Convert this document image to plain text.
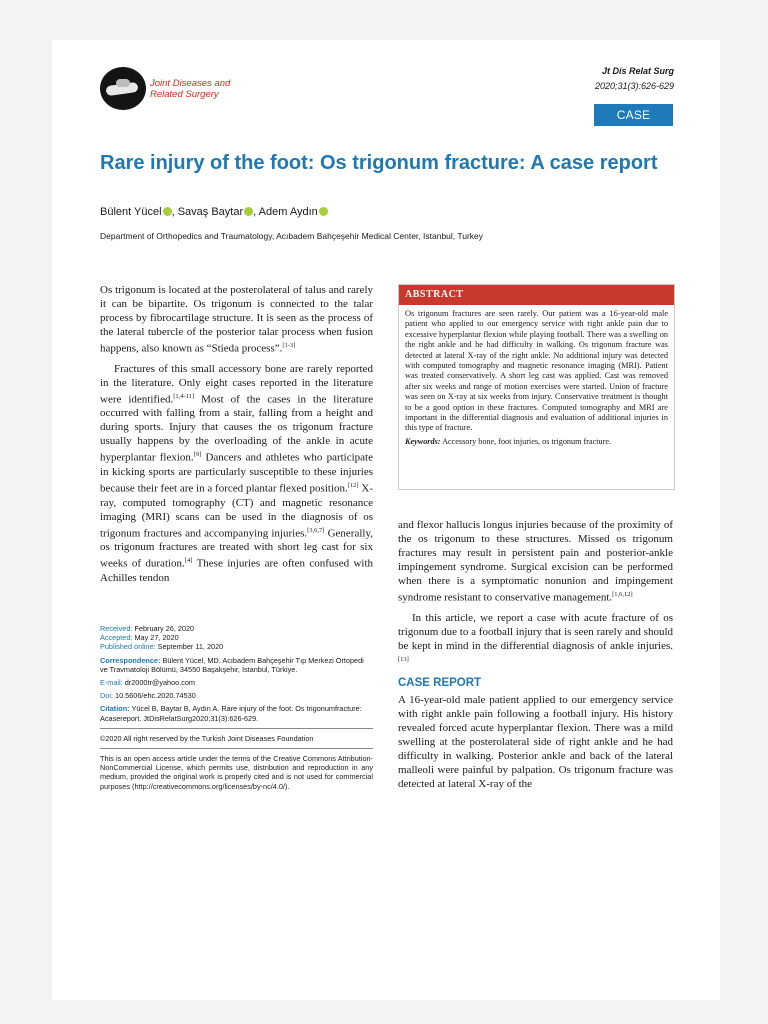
Joint Diseases and
Related Surgery
Jt Dis Relat Surg
2020;31(3):626-629
CASE REPORT
Rare injury of the foot: Os trigonum fracture: A case report
Bülent Yücel , Savaş Baytar , Adem Aydın
Department of Orthopedics and Traumatology, Acıbadem Bahçeşehir Medical Center, Istanbul, Turkey

Os trigonum is located at the posterolateral of talus and rarely it can be bipartite. Os trigonum is connected to the talar process by fibrocartilage structure. It is seen as the process of the lateral tubercle of the posterior talar process when fusion happens, also known as “Stieda process”.[1-3]

Fractures of this small accessory bone are rarely reported in the literature. Only eight cases reported in the literature were identified.[1,4-11] Most of the cases in the literature occurred with falling from a stair, falling from a height and during sports. Injury that causes the os trigonum fracture usually happens by the overloading of the ankle in acute hyperplantar flexion.[9] Dancers and athletes who participate in kicking sports are particularly susceptible to these injuries because their feet are in a forced plantar flexed position.[12] X-ray, computed tomography (CT) and magnetic resonance imaging (MRI) scans can be used in the diagnosis of os trigonum fractures and accompanying injuries.[3,6,7] Generally, os trigonum fractures are treated with short leg cast for six weeks of duration.[4] These injuries are often confused with Achilles tendon

ABSTRACT
Os trigonum fractures are seen rarely. Our patient was a 16-year-old male patient who applied to our emergency service with right ankle pain due to excessive hyperplantar flexion while playing football. There was a swelling on the right ankle and he had difficulty in walking. Os trigonum fracture was detected at lateral X-ray of the right ankle. No additional injury was detected with computed tomography and magnetic resonance imaging (MRI). Patient was treated conservatively. A short leg cast was applied. Cast was removed after six weeks and range of motion exercises were started. Union of fracture was seen on X-ray at six weeks from injury. Conservative treatment is thought to be a good option in these fractures. Computed tomography and MRI are important in the differential diagnosis and evaluation of additional injuries in this type of fracture.
Keywords: Accessory bone, foot injuries, os trigonum fracture.

and flexor hallucis longus injuries because of the proximity of the os trigonum to these structures. Missed os trigonum fractures may result in persistent pain and posterior-ankle impingement syndrome. Surgical excision can be performed when there is a symptomatic nonunion and impingement syndrome resistant to conservative management.[1,6,12]

In this article, we report a case with acute fracture of os trigonum due to a football injury that is seen rarely and should be kept in mind in the differential diagnosis of ankle injuries.[13]

CASE REPORT

A 16-year-old male patient applied to our emergency service with right ankle pain following a football injury. His history revealed forced acute hyperplantar flexion. There was a mild swelling at the posterolateral side of right ankle and he had difficulty in walking. Posterior ankle and back of the lateral malleoli were painful by palpation. Os trigonum fracture was detected at lateral X-ray of the

Received: February 26, 2020
Accepted: May 27, 2020
Published online: September 11, 2020

Correspondence: Bülent Yücel, MD. Acıbadem Bahçeşehir Tıp Merkezi Ortopedi ve Travmatoloji Bölümü, 34550 Başakşehir, İstanbul, Türkiye.

E-mail: dr2000tr@yahoo.com

Doi: 10.5606/ehc.2020.74530

Citation: Yücel B, Baytar B, Aydın A. Rare injury of the foot: Os trigonumfracture: Acasereport. JtDisRelatSurg2020;31(3):626-629.

©2020 All right reserved by the Turkish Joint Diseases Foundation

This is an open access article under the terms of the Creative Commons Attribution-NonCommercial License, which permits use, distribution and reproduction in any medium, provided the original work is properly cited and is not used for commercial purposes (http://creativecommons.org/licenses/by-nc/4.0/).
